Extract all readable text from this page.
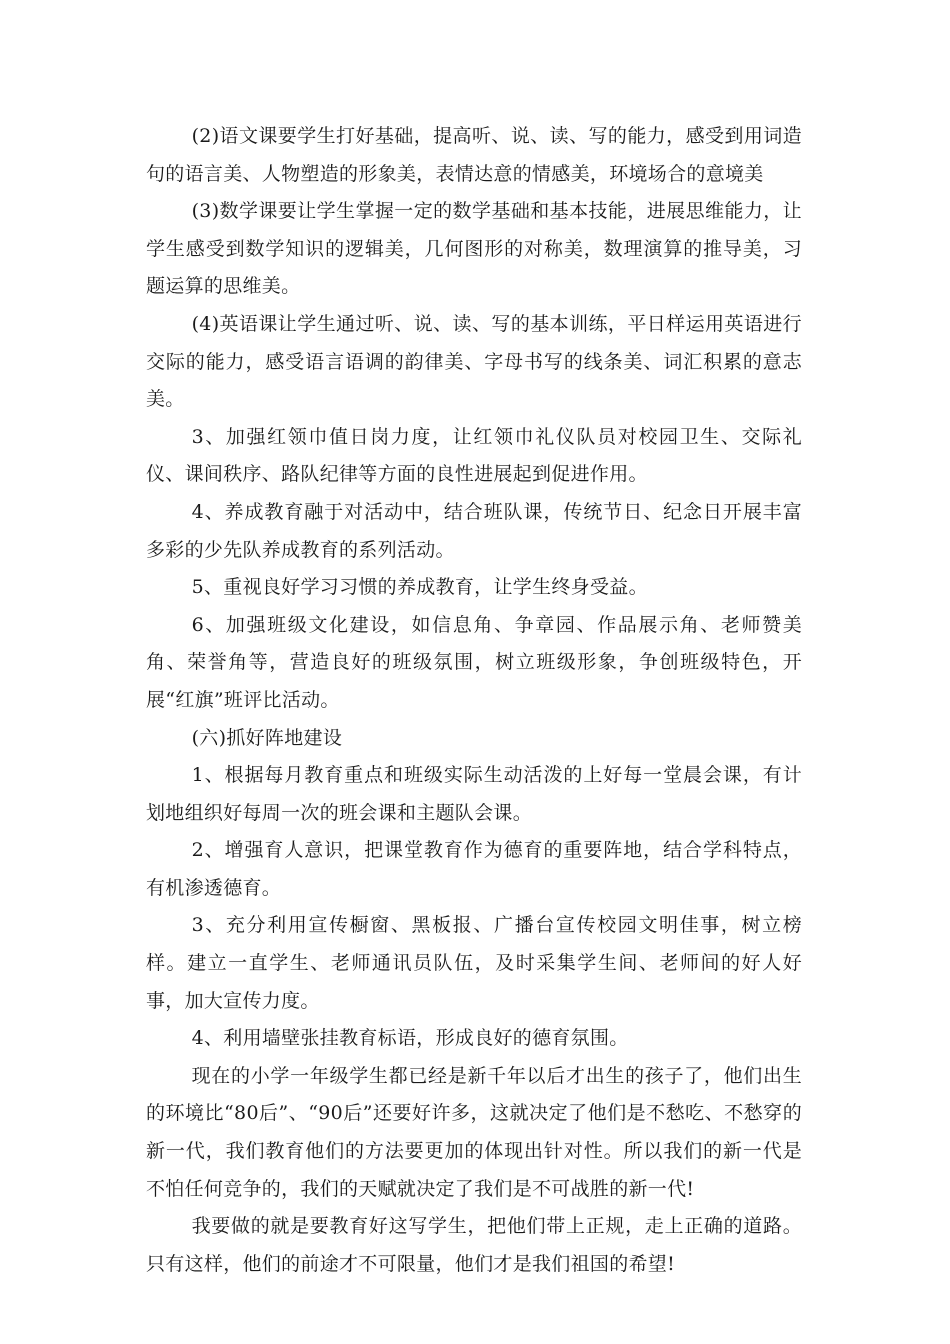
(2)语文课要学生打好基础，提高听、说、读、写的能力，感受到用词造句的语言美、人物塑造的形象美，表情达意的情感美，环境场合的意境美

(3)数学课要让学生掌握一定的数学基础和基本技能，进展思维能力，让学生感受到数学知识的逻辑美，几何图形的对称美，数理演算的推导美，习题运算的思维美。

(4)英语课让学生通过听、说、读、写的基本训练，平日样运用英语进行交际的能力，感受语言语调的韵律美、字母书写的线条美、词汇积累的意志美。

3、加强红领巾值日岗力度，让红领巾礼仪队员对校园卫生、交际礼仪、课间秩序、路队纪律等方面的良性进展起到促进作用。

4、养成教育融于对活动中，结合班队课，传统节日、纪念日开展丰富多彩的少先队养成教育的系列活动。

5、重视良好学习习惯的养成教育，让学生终身受益。

6、加强班级文化建设，如信息角、争章园、作品展示角、老师赞美角、荣誉角等，营造良好的班级氛围，树立班级形象，争创班级特色，开展“红旗”班评比活动。

(六)抓好阵地建设

1、根据每月教育重点和班级实际生动活泼的上好每一堂晨会课，有计划地组织好每周一次的班会课和主题队会课。

2、增强育人意识，把课堂教育作为德育的重要阵地，结合学科特点，有机渗透德育。

3、充分利用宣传橱窗、黑板报、广播台宣传校园文明佳事，树立榜样。建立一直学生、老师通讯员队伍，及时采集学生间、老师间的好人好事，加大宣传力度。

4、利用墙壁张挂教育标语，形成良好的德育氛围。

现在的小学一年级学生都已经是新千年以后才出生的孩子了，他们出生的环境比“80后”、“90后”还要好许多，这就决定了他们是不愁吃、不愁穿的新一代，我们教育他们的方法要更加的体现出针对性。所以我们的新一代是不怕任何竞争的，我们的天赋就决定了我们是不可战胜的新一代!

我要做的就是要教育好这写学生，把他们带上正规，走上正确的道路。只有这样，他们的前途才不可限量，他们才是我们祖国的希望!
